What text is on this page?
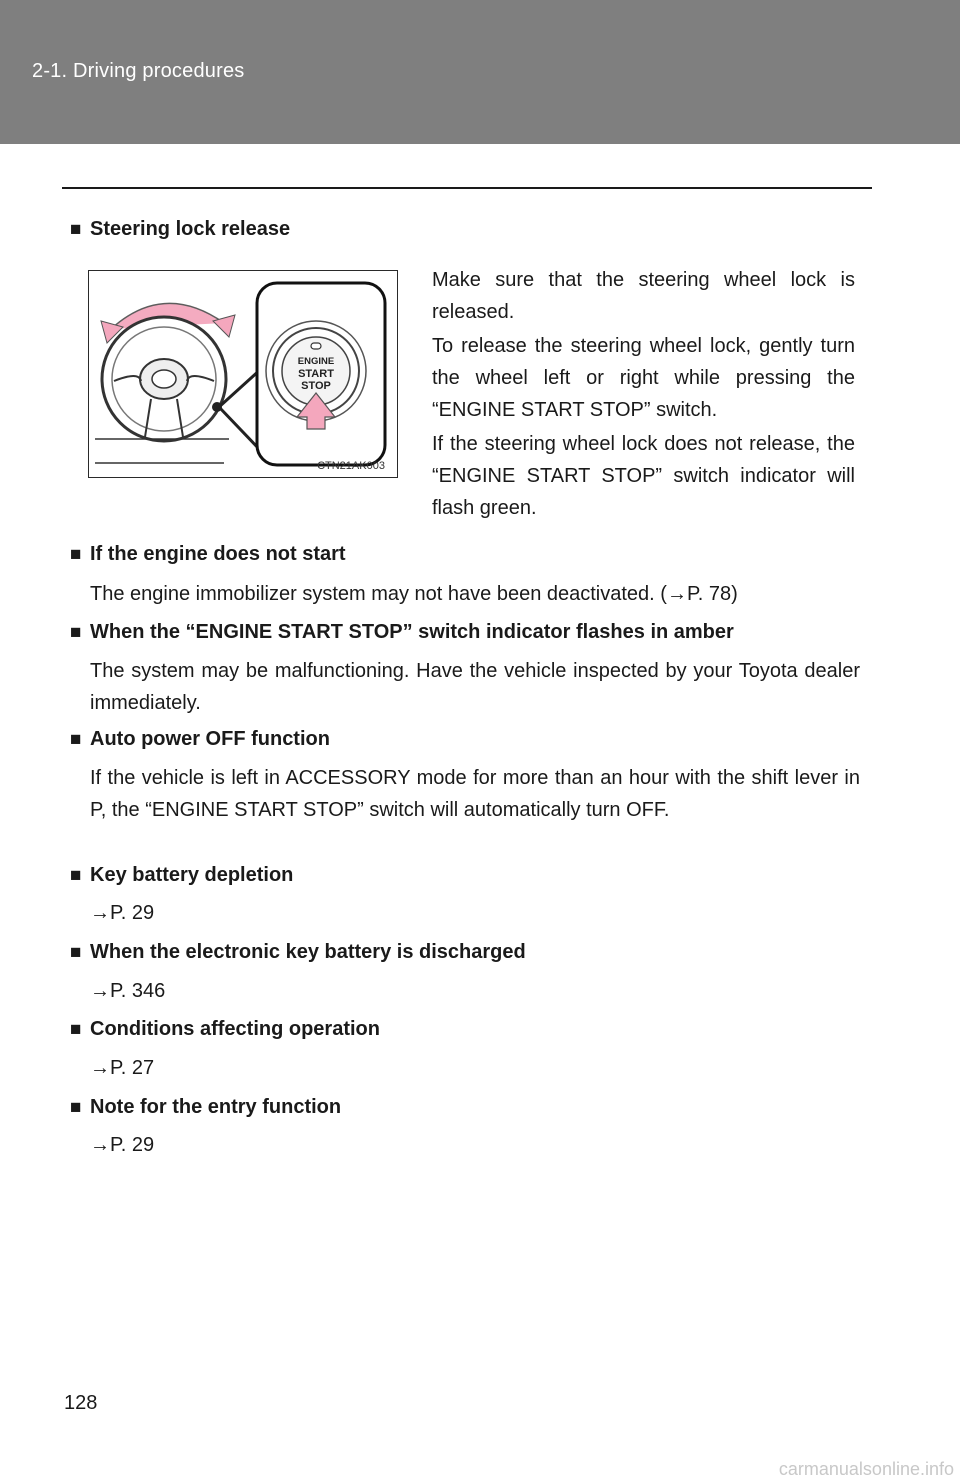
2-1. Driving procedures
■ Steering lock release
ENGINE
START
STOP
CTN21AK003
Make sure that the steering wheel lock is released.
To release the steering wheel lock, gently turn the wheel left or right while pressing the “ENGINE START STOP” switch.
If the steering wheel lock does not release, the “ENGINE START STOP” switch indicator will flash green.
■ If the engine does not start
The engine immobilizer system may not have been deactivated. (→P. 78)
■ When the “ENGINE START STOP” switch indicator flashes in amber
The system may be malfunctioning. Have the vehicle inspected by your Toyota dealer immediately.
■ Auto power OFF function
If the vehicle is left in ACCESSORY mode for more than an hour with the shift lever in P, the “ENGINE START STOP” switch will automatically turn OFF.
■ Key battery depletion
→P. 29
■ When the electronic key battery is discharged
→P. 346
■ Conditions affecting operation
→P. 27
■ Note for the entry function
→P. 29
128
carmanualsonline.info
